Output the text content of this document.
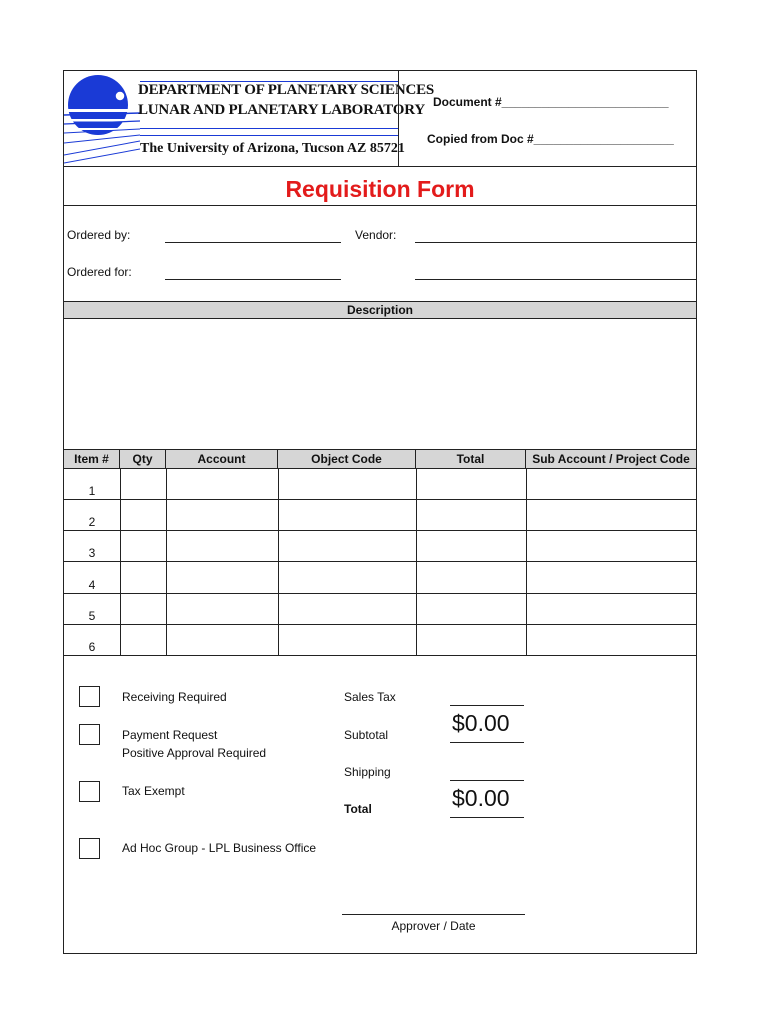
DEPARTMENT OF PLANETARY SCIENCES
LUNAR AND PLANETARY LABORATORY
The University of Arizona, Tucson AZ 85721
Document #_________________________
Copied from Doc #_____________________
Requisition Form
Ordered by:	Vendor:
Ordered for:
Description
Item #	Qty	Account	Object Code	Total	Sub Account / Project Code
1
2
3
4
5
6
Receiving Required
Payment Request
Positive Approval Required
Tax Exempt
Ad Hoc Group - LPL Business Office
Sales Tax
Subtotal	$0.00
Shipping
Total	$0.00
Approver / Date
